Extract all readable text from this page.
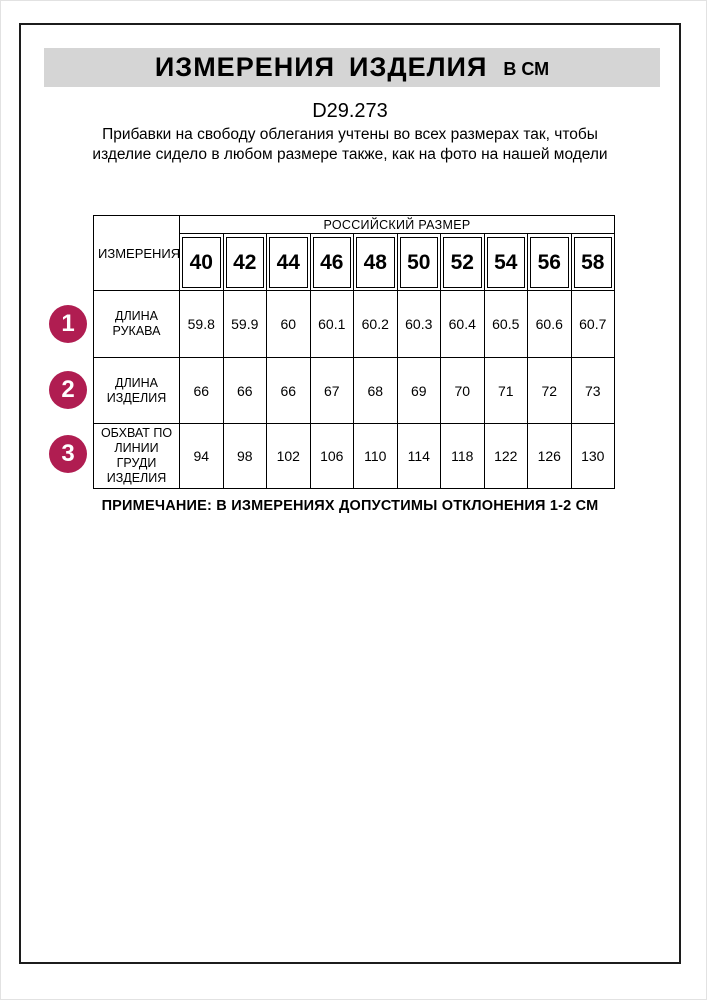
ИЗМЕРЕНИЯ ИЗДЕЛИЯ В СМ
D29.273

Прибавки на свободу облегания учтены во всех размерах так, чтобы изделие сидело в любом размере также, как на фото на нашей модели

1
2
3
ИЗМЕРЕНИЯ	РОССИЙСКИЙ РАЗМЕР									

	40	42	44	46	48	50	52	54	56	58

ДЛИНА РУКАВА	59.8	59.9	60	60.1	60.2	60.3	60.4	60.5	60.6	60.7
ДЛИНА ИЗДЕЛИЯ	66	66	66	67	68	69	70	71	72	73
ОБХВАТ ПО ЛИНИИ ГРУДИ ИЗДЕЛИЯ	94	98	102	106	110	114	118	122	126	130
ПРИМЕЧАНИЕ: В ИЗМЕРЕНИЯХ ДОПУСТИМЫ ОТКЛОНЕНИЯ 1-2 СМ
